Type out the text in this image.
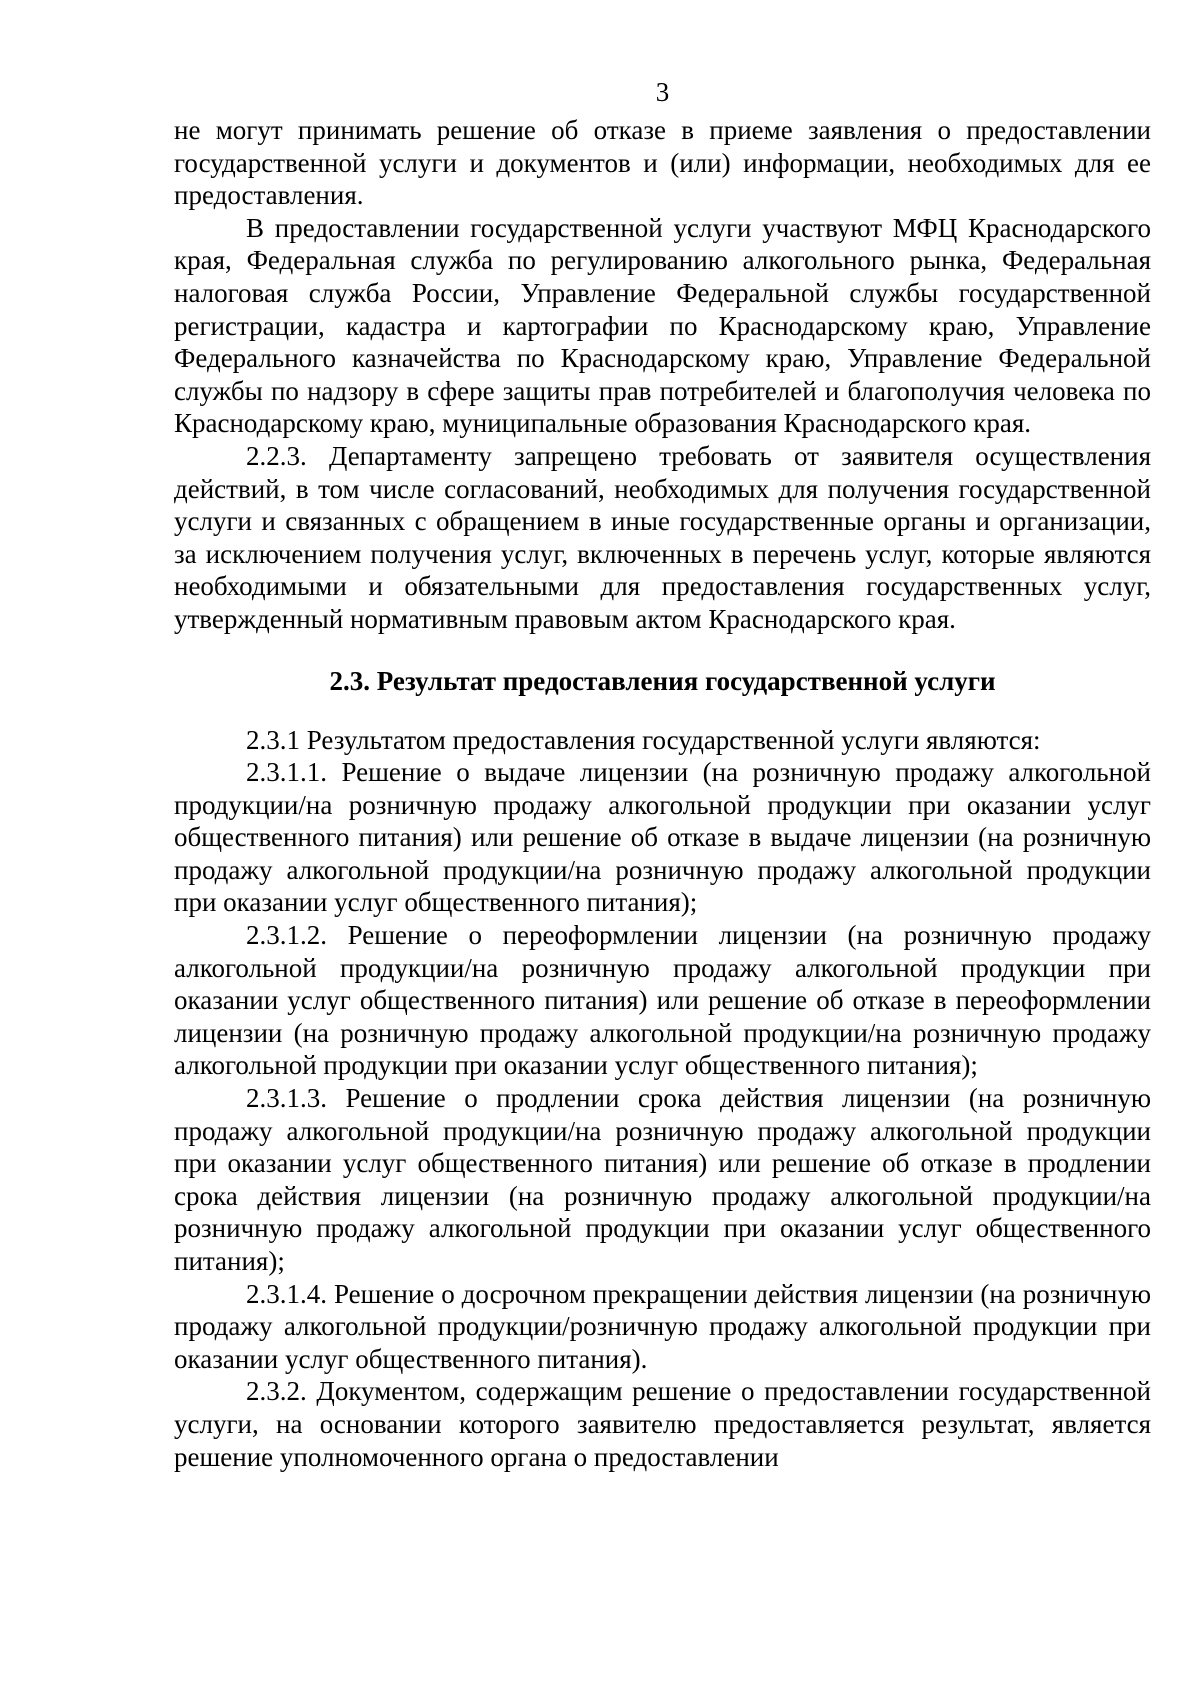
3

не могут принимать решение об отказе в приеме заявления о предоставлении государственной услуги и документов и (или) информации, необходимых для ее предоставления.

В предоставлении государственной услуги участвуют МФЦ Краснодарского края, Федеральная служба по регулированию алкогольного рынка, Федеральная налоговая служба России, Управление Федеральной службы государственной регистрации, кадастра и картографии по Краснодарскому краю, Управление Федерального казначейства по Краснодарскому краю, Управление Федеральной службы по надзору в сфере защиты прав потребителей и благополучия человека по Краснодарскому краю, муниципальные образования Краснодарского края.

2.2.3. Департаменту запрещено требовать от заявителя осуществления действий, в том числе согласований, необходимых для получения государственной услуги и связанных с обращением в иные государственные органы и организации, за исключением получения услуг, включенных в перечень услуг, которые являются необходимыми и обязательными для предоставления государственных услуг, утвержденный нормативным правовым актом Краснодарского края.

2.3. Результат предоставления государственной услуги

2.3.1 Результатом предоставления государственной услуги являются:

2.3.1.1. Решение о выдаче лицензии (на розничную продажу алкогольной продукции/на розничную продажу алкогольной продукции при оказании услуг общественного питания) или решение об отказе в выдаче лицензии (на розничную продажу алкогольной продукции/на розничную продажу алкогольной продукции при оказании услуг общественного питания);

2.3.1.2. Решение о переоформлении лицензии (на розничную продажу алкогольной продукции/на розничную продажу алкогольной продукции при оказании услуг общественного питания) или решение об отказе в переоформлении лицензии (на розничную продажу алкогольной продукции/на розничную продажу алкогольной продукции при оказании услуг общественного питания);

2.3.1.3. Решение о продлении срока действия лицензии (на розничную продажу алкогольной продукции/на розничную продажу алкогольной продукции при оказании услуг общественного питания) или решение об отказе в продлении срока действия лицензии (на розничную продажу алкогольной продукции/на розничную продажу алкогольной продукции при оказании услуг общественного питания);

2.3.1.4. Решение о досрочном прекращении действия лицензии (на розничную продажу алкогольной продукции/розничную продажу алкогольной продукции при оказании услуг общественного питания).

2.3.2. Документом, содержащим решение о предоставлении государственной услуги, на основании которого заявителю предоставляется результат, является решение уполномоченного органа о предоставлении
